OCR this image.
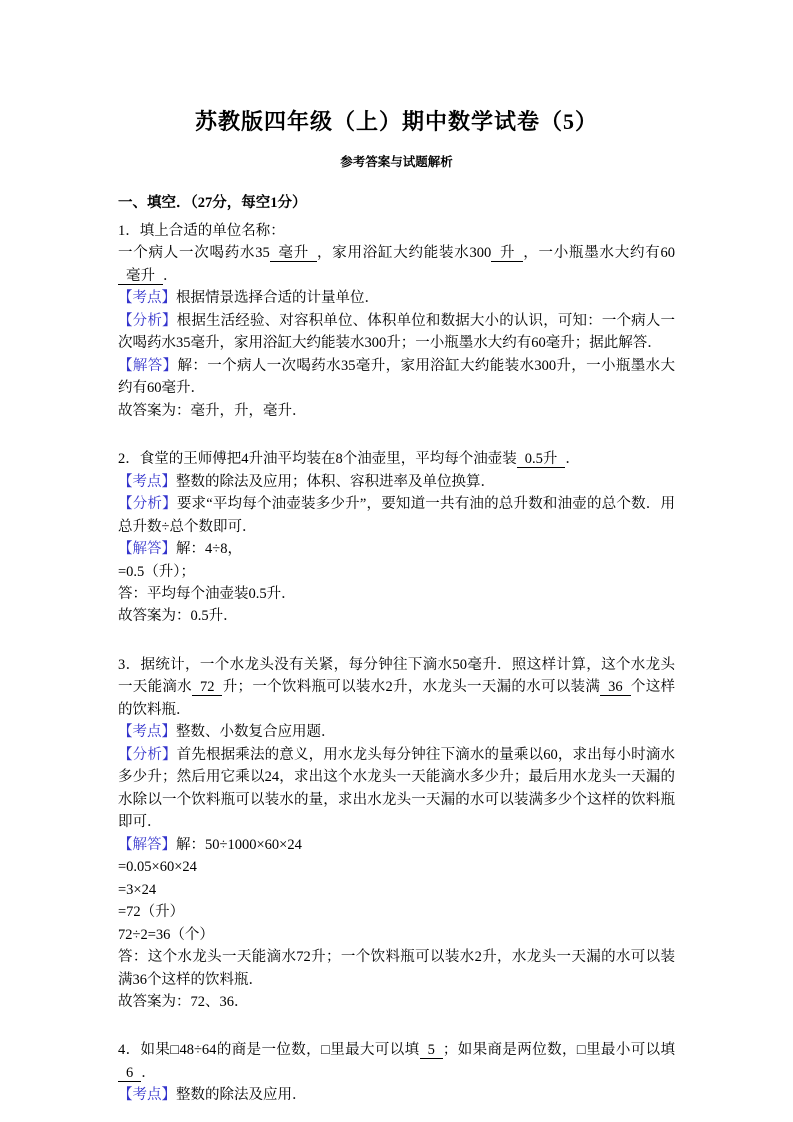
苏教版四年级（上）期中数学试卷（5）
参考答案与试题解析
一、填空．（27分，每空1分）

1．填上合适的单位名称：

一个病人一次喝药水35 毫升 ，家用浴缸大约能装水300 升 ，一小瓶墨水大约有60毫升 ．

【考点】根据情景选择合适的计量单位．

【分析】根据生活经验、对容积单位、体积单位和数据大小的认识，可知：一个病人一次喝药水35毫升，家用浴缸大约能装水300升；一小瓶墨水大约有60毫升；据此解答．

【解答】解：一个病人一次喝药水35毫升，家用浴缸大约能装水300升，一小瓶墨水大约有60毫升．

故答案为：毫升，升，毫升．

2．食堂的王师傅把4升油平均装在8个油壶里，平均每个油壶装 0.5升 ．

【考点】整数的除法及应用；体积、容积进率及单位换算．

【分析】要求“平均每个油壶装多少升”，要知道一共有油的总升数和油壶的总个数．用总升数÷总个数即可．

【解答】解：4÷8，

=0.5（升）；

答：平均每个油壶装0.5升．

故答案为：0.5升．

3．据统计，一个水龙头没有关紧，每分钟往下滴水50毫升．照这样计算，这个水龙头一天能滴水 72 升；一个饮料瓶可以装水2升，水龙头一天漏的水可以装满 36 个这样的饮料瓶．

【考点】整数、小数复合应用题．

【分析】首先根据乘法的意义，用水龙头每分钟往下滴水的量乘以60，求出每小时滴水多少升；然后用它乘以24，求出这个水龙头一天能滴水多少升；最后用水龙头一天漏的水除以一个饮料瓶可以装水的量，求出水龙头一天漏的水可以装满多少个这样的饮料瓶即可．

【解答】解：50÷1000×60×24

=0.05×60×24

=3×24

=72（升）

72÷2=36（个）

答：这个水龙头一天能滴水72升；一个饮料瓶可以装水2升，水龙头一天漏的水可以装满36个这样的饮料瓶．

故答案为：72、36．

4．如果□48÷64的商是一位数，□里最大可以填 5 ；如果商是两位数，□里最小可以填6 ．

【考点】整数的除法及应用．
